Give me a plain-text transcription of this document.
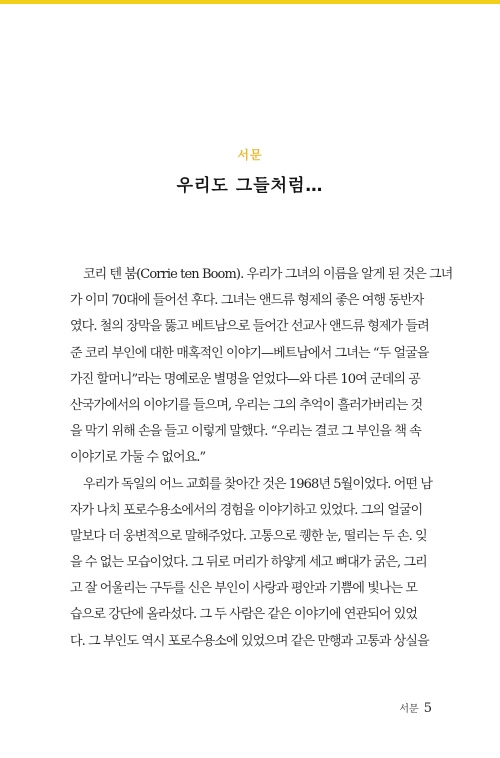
서문
우리도 그들처럼…
코리 텐 붐(Corrie ten Boom). 우리가 그녀의 이름을 알게 된 것은 그녀
가 이미 70대에 들어선 후다. 그녀는 앤드류 형제의 좋은 여행 동반자
였다. 철의 장막을 뚫고 베트남으로 들어간 선교사 앤드류 형제가 들려
준 코리 부인에 대한 매혹적인 이야기—베트남에서 그녀는 “두 얼굴을
가진 할머니”라는 명예로운 별명을 얻었다—와 다른 10여 군데의 공
산국가에서의 이야기를 들으며, 우리는 그의 추억이 흘러가버리는 것
을 막기 위해 손을 들고 이렇게 말했다. “우리는 결코 그 부인을 책 속
이야기로 가둘 수 없어요.”
우리가 독일의 어느 교회를 찾아간 것은 1968년 5월이었다. 어떤 남
자가 나치 포로수용소에서의 경험을 이야기하고 있었다. 그의 얼굴이
말보다 더 웅변적으로 말해주었다. 고통으로 퀭한 눈, 떨리는 두 손. 잊
을 수 없는 모습이었다. 그 뒤로 머리가 하얗게 세고 뼈대가 굵은, 그리
고 잘 어울리는 구두를 신은 부인이 사랑과 평안과 기쁨에 빛나는 모
습으로 강단에 올라섰다. 그 두 사람은 같은 이야기에 연관되어 있었
다. 그 부인도 역시 포로수용소에 있었으며 같은 만행과 고통과 상실을
서문 5
